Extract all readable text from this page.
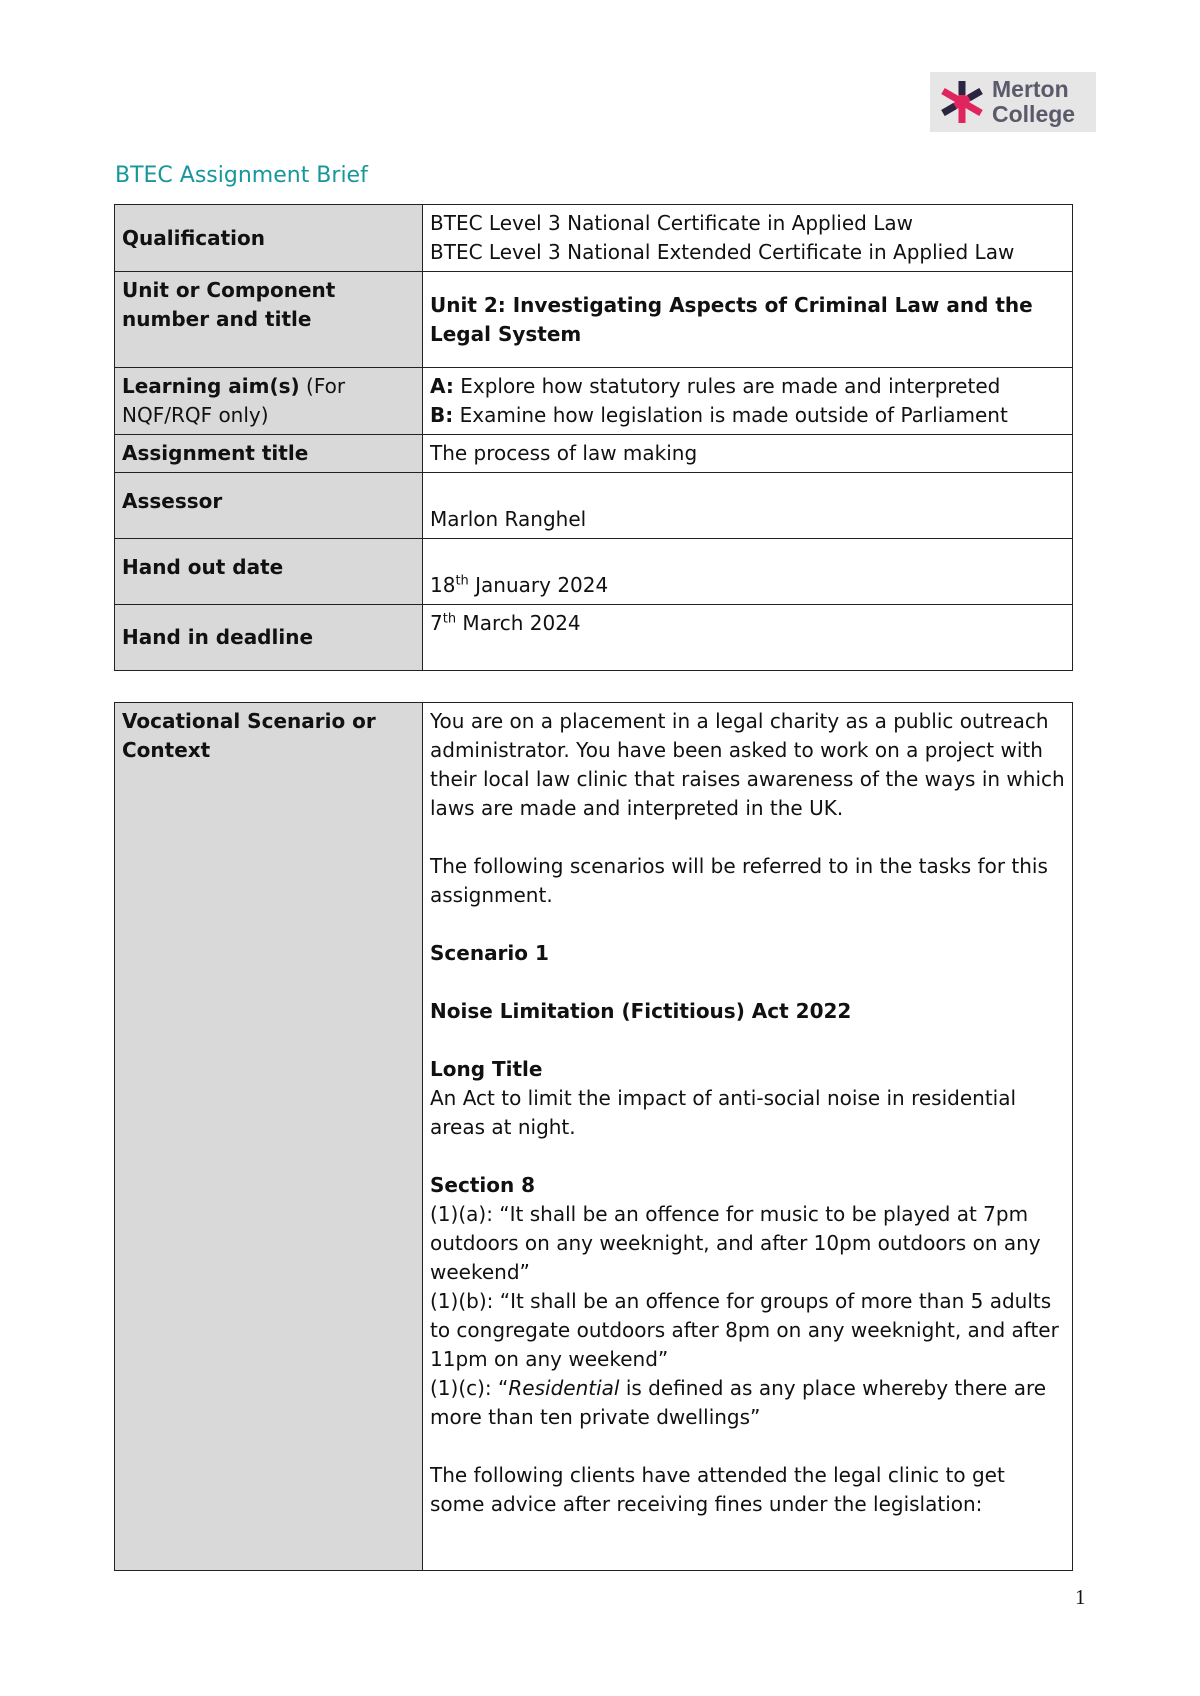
Merton
College
BTEC Assignment Brief
Qualification	BTEC Level 3 National Certificate in Applied Law
BTEC Level 3 National Extended Certificate in Applied Law

Unit or Component number and title	Unit 2: Investigating Aspects of Criminal Law and the Legal System
Learning aim(s) (For NQF/RQF only)	A: Explore how statutory rules are made and interpreted
B: Examine how legislation is made outside of Parliament

Assignment title	The process of law making
Assessor	Marlon Ranghel
Hand out date	18th January 2024
Hand in deadline	7th March 2024
Vocational Scenario or Context	
You are on a placement in a legal charity as a public outreach administrator. You have been asked to work on a project with their local law clinic that raises awareness of the ways in which laws are made and interpreted in the UK.
The following scenarios will be referred to in the tasks for this assignment.
Scenario 1
Noise Limitation (Fictitious) Act 2022
Long Title
An Act to limit the impact of anti-social noise in residential areas at night.
Section 8
(1)(a): “It shall be an offence for music to be played at 7pm outdoors on any weeknight, and after 10pm outdoors on any weekend”
(1)(b): “It shall be an offence for groups of more than 5 adults to congregate outdoors after 8pm on any weeknight, and after 11pm on any weekend”
(1)(c): “Residential is defined as any place whereby there are more than ten private dwellings”
The following clients have attended the legal clinic to get some advice after receiving fines under the legislation:
1
